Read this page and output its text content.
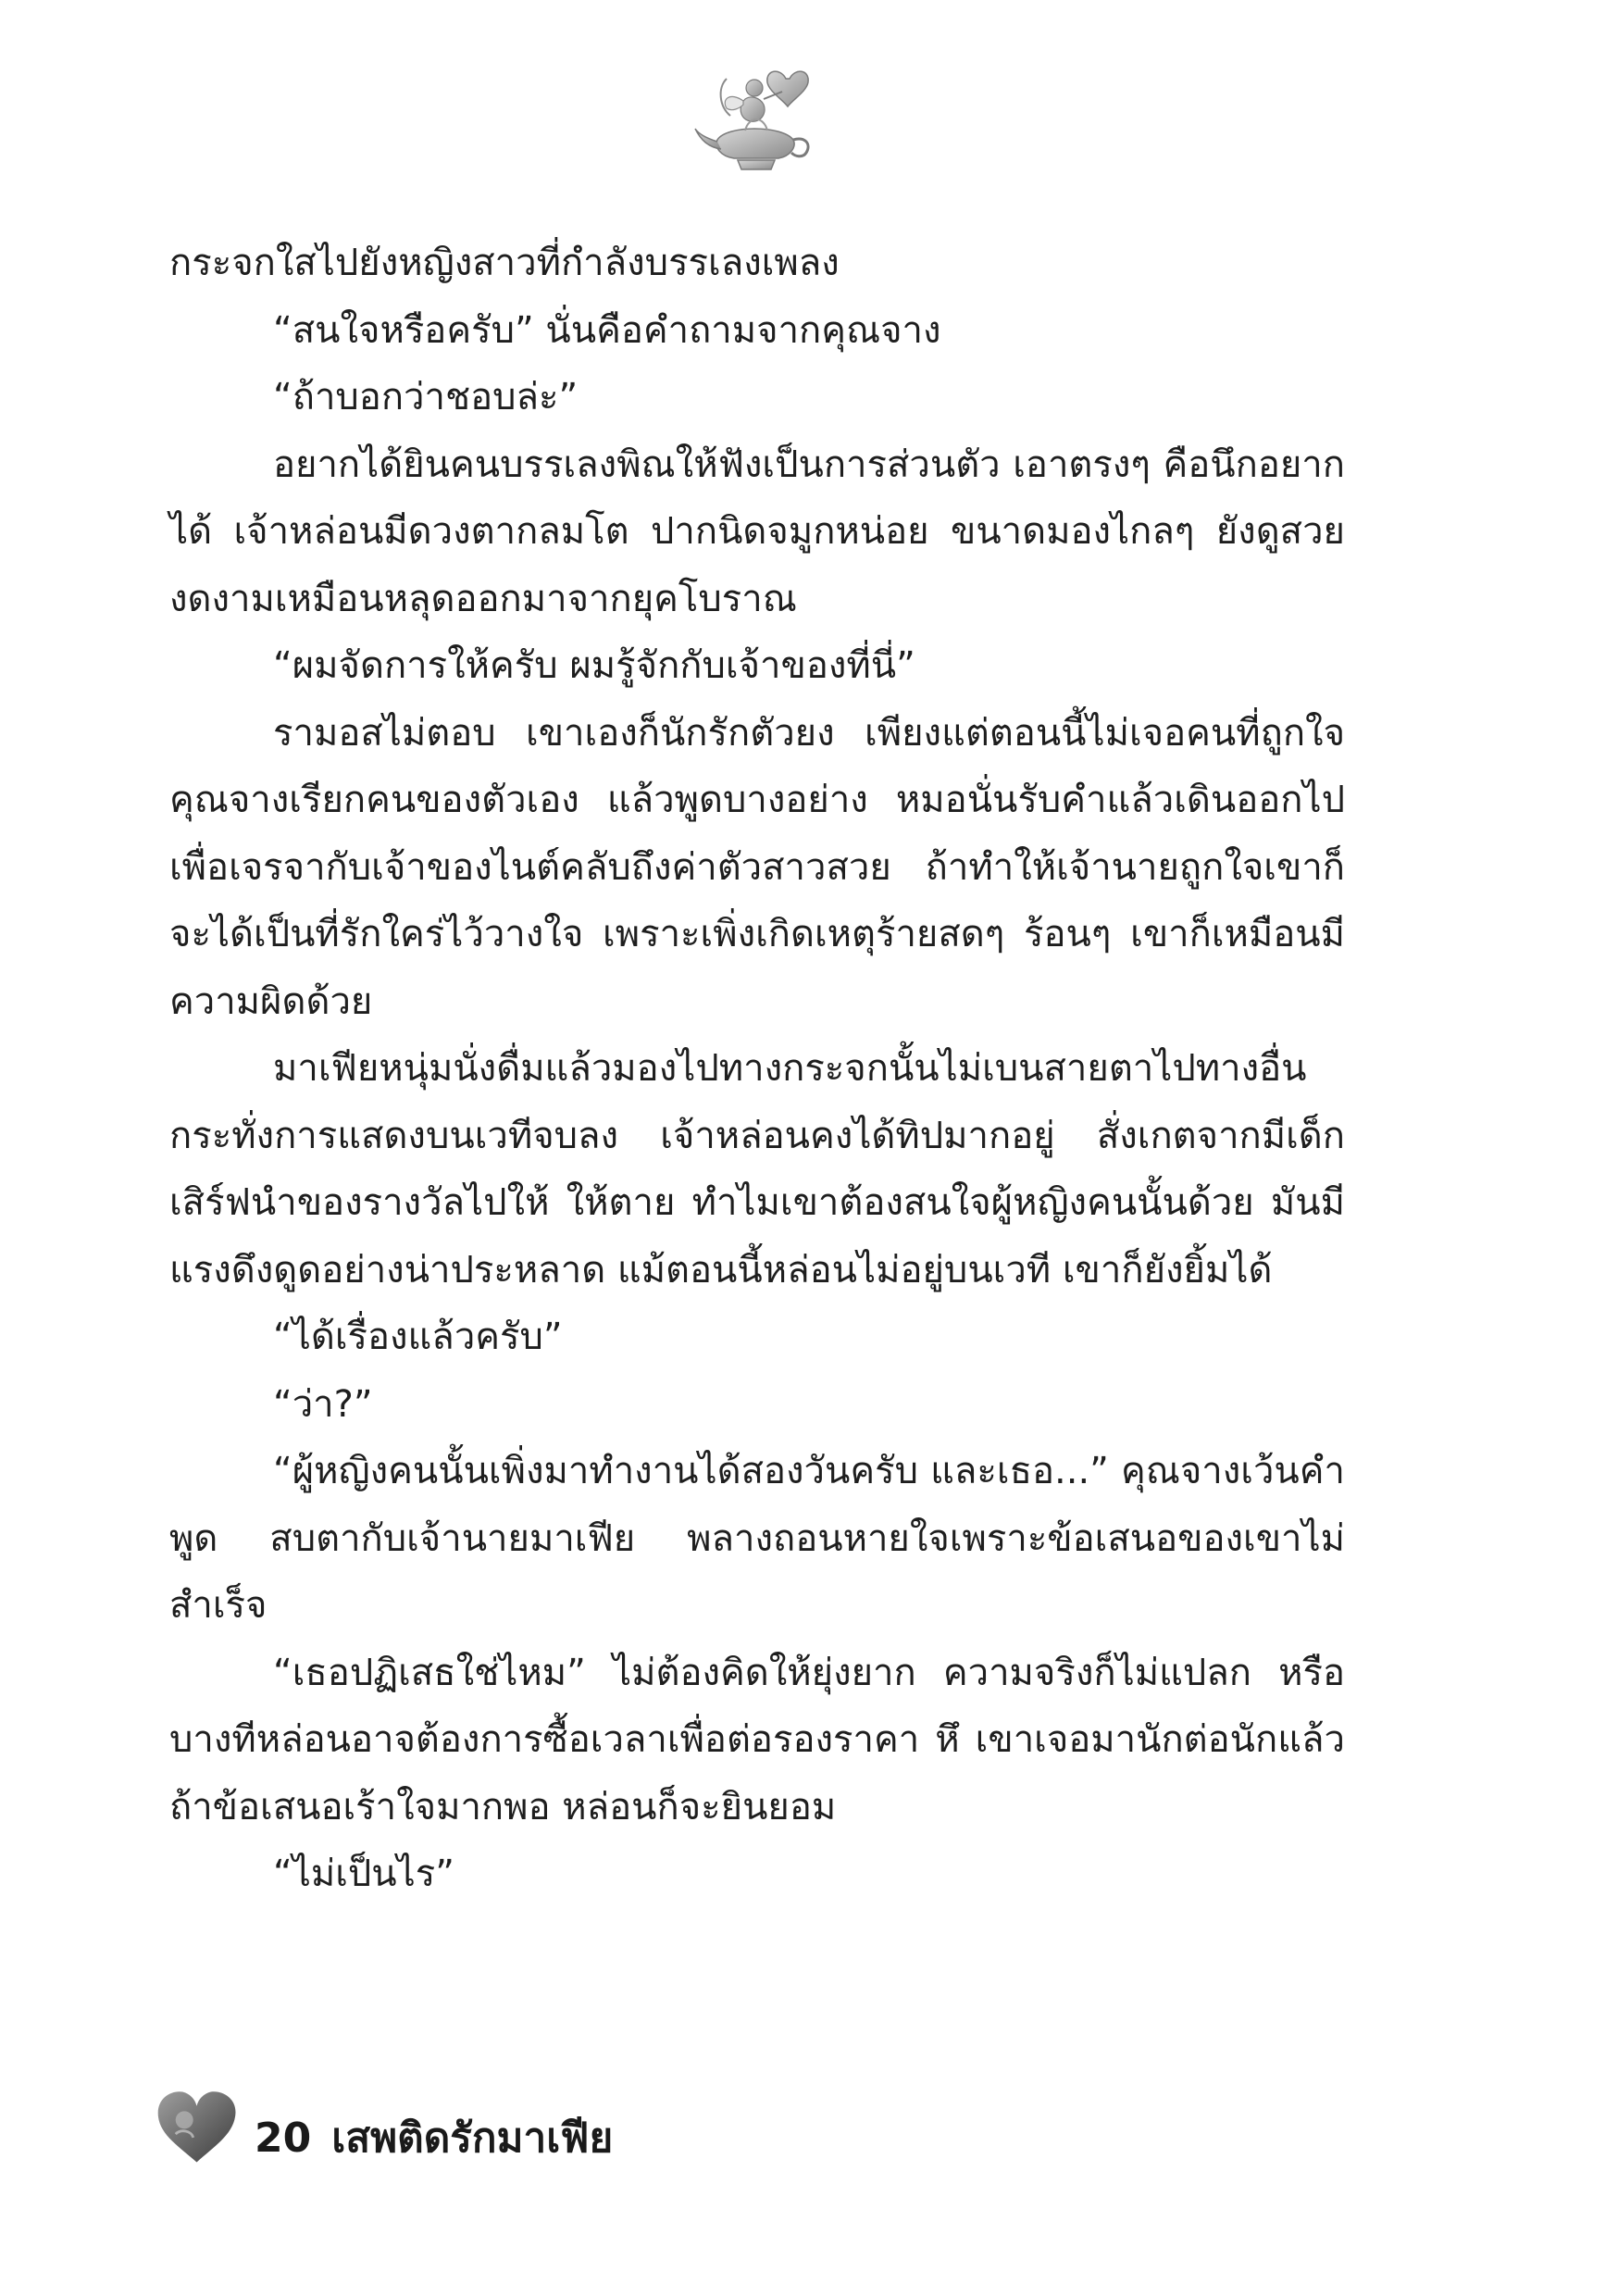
กระจกใสไปยังหญิงสาวที่กำลังบรรเลงเพลง

“สนใจหรือครับ” นั่นคือคำถามจากคุณจาง

“ถ้าบอกว่าชอบล่ะ”

อยากได้ยินคนบรรเลงพิณให้ฟังเป็นการส่วนตัว เอาตรงๆ คือนึกอยากได้ เจ้าหล่อนมีดวงตากลมโต ปากนิดจมูกหน่อย ขนาดมองไกลๆ ยังดูสวยงดงามเหมือนหลุดออกมาจากยุคโบราณ

“ผมจัดการให้ครับ ผมรู้จักกับเจ้าของที่นี่”

รามอสไม่ตอบ เขาเองก็นักรักตัวยง เพียงแต่ตอนนี้ไม่เจอคนที่ถูกใจ คุณจางเรียกคนของตัวเอง แล้วพูดบางอย่าง หมอนั่นรับคำแล้วเดินออกไปเพื่อเจรจากับเจ้าของไนต์คลับถึงค่าตัวสาวสวย ถ้าทำให้เจ้านายถูกใจเขาก็จะได้เป็นที่รักใคร่ไว้วางใจ เพราะเพิ่งเกิดเหตุร้ายสดๆ ร้อนๆ เขาก็เหมือนมีความผิดด้วย

มาเฟียหนุ่มนั่งดื่มแล้วมองไปทางกระจกนั้นไม่เบนสายตาไปทางอื่น กระทั่งการแสดงบนเวทีจบลง เจ้าหล่อนคงได้ทิปมากอยู่ สั่งเกตจากมีเด็กเสิร์ฟนำของรางวัลไปให้ ให้ตาย ทำไมเขาต้องสนใจผู้หญิงคนนั้นด้วย มันมีแรงดึงดูดอย่างน่าประหลาด แม้ตอนนี้หล่อนไม่อยู่บนเวที เขาก็ยังยิ้มได้

“ได้เรื่องแล้วครับ”

“ว่า?”

“ผู้หญิงคนนั้นเพิ่งมาทำงานได้สองวันครับ และเธอ...” คุณจางเว้นคำพูด สบตากับเจ้านายมาเฟีย พลางถอนหายใจเพราะข้อเสนอของเขาไม่สำเร็จ

“เธอปฏิเสธใช่ไหม” ไม่ต้องคิดให้ยุ่งยาก ความจริงก็ไม่แปลก หรือบางทีหล่อนอาจต้องการซื้อเวลาเพื่อต่อรองราคา หึ เขาเจอมานักต่อนักแล้ว ถ้าข้อเสนอเร้าใจมากพอ หล่อนก็จะยินยอม

“ไม่เป็นไร”

20 เสพติดรักมาเฟีย
